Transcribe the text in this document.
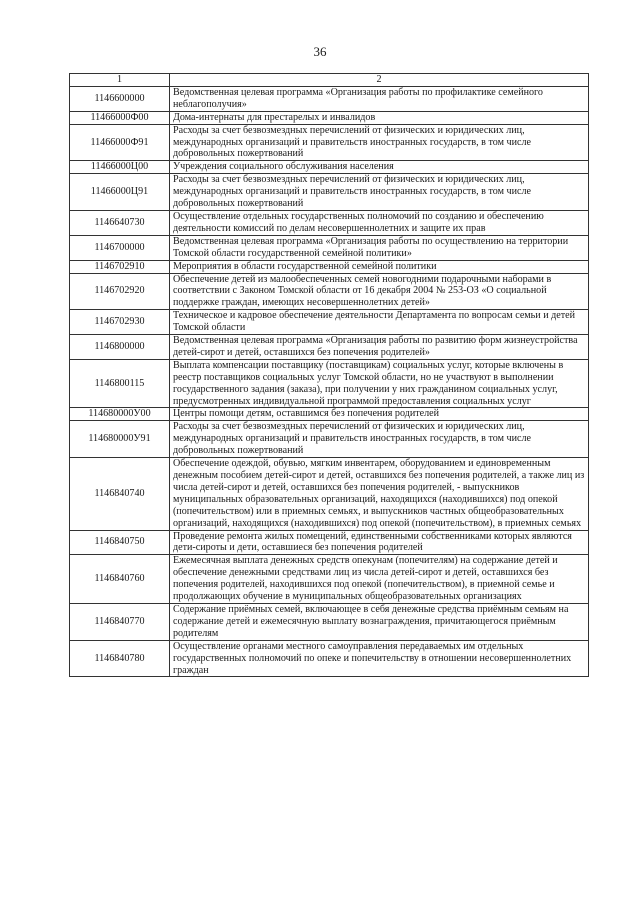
36
1	2
1146600000	Ведомственная целевая программа «Организация работы по профилактике семейного неблагополучия»
11466000Ф00	Дома-интернаты для престарелых и инвалидов
11466000Ф91	Расходы за счет безвозмездных перечислений от физических и юридических лиц, международных организаций и правительств иностранных государств, в том числе добровольных пожертвований
11466000Ц00	Учреждения социального обслуживания населения
11466000Ц91	Расходы за счет безвозмездных перечислений от физических и юридических лиц, международных организаций и правительств иностранных государств, в том числе добровольных пожертвований
1146640730	Осуществление отдельных государственных полномочий по созданию и обеспечению деятельности комиссий по делам несовершеннолетних и защите их прав
1146700000	Ведомственная целевая программа «Организация работы по осуществлению на территории Томской области государственной семейной политики»
1146702910	Мероприятия в области государственной семейной политики
1146702920	Обеспечение детей из малообеспеченных семей новогодними подарочными наборами в соответствии с Законом Томской области от 16 декабря 2004 № 253-ОЗ «О социальной поддержке граждан, имеющих несовершеннолетних детей»
1146702930	Техническое и кадровое обеспечение деятельности Департамента по вопросам семьи и детей Томской области
1146800000	Ведомственная целевая программа «Организация работы по развитию форм жизнеустройства детей-сирот и детей, оставшихся без попечения родителей»
1146800115	Выплата компенсации поставщику (поставщикам) социальных услуг, которые включены в реестр поставщиков социальных услуг Томской области, но не участвуют в выполнении государственного задания (заказа), при получении у них гражданином социальных услуг, предусмотренных индивидуальной программой предоставления социальных услуг
114680000У00	Центры помощи детям, оставшимся без попечения родителей
114680000У91	Расходы за счет безвозмездных перечислений от физических и юридических лиц, международных организаций и правительств иностранных государств, в том числе добровольных пожертвований
1146840740	Обеспечение одеждой, обувью, мягким инвентарем, оборудованием и единовременным денежным пособием детей-сирот и детей, оставшихся без попечения родителей, а также лиц из числа детей-сирот и детей, оставшихся без попечения родителей, - выпускников муниципальных образовательных организаций, находящихся (находившихся) под опекой (попечительством) или в приемных семьях, и выпускников частных общеобразовательных организаций, находящихся (находившихся) под опекой (попечительством), в приемных семьях
1146840750	Проведение ремонта жилых помещений, единственными собственниками которых являются дети-сироты и дети, оставшиеся без попечения родителей
1146840760	Ежемесячная выплата денежных средств опекунам (попечителям) на содержание детей и обеспечение денежными средствами лиц из числа детей-сирот и детей, оставшихся без попечения родителей, находившихся под опекой (попечительством), в приемной семье и продолжающих обучение в муниципальных общеобразовательных организациях
1146840770	Содержание приёмных семей, включающее в себя денежные средства приёмным семьям на содержание детей и ежемесячную выплату вознаграждения, причитающегося приёмным родителям
1146840780	Осуществление органами местного самоуправления передаваемых им отдельных государственных полномочий по опеке и попечительству в отношении несовершеннолетних граждан
